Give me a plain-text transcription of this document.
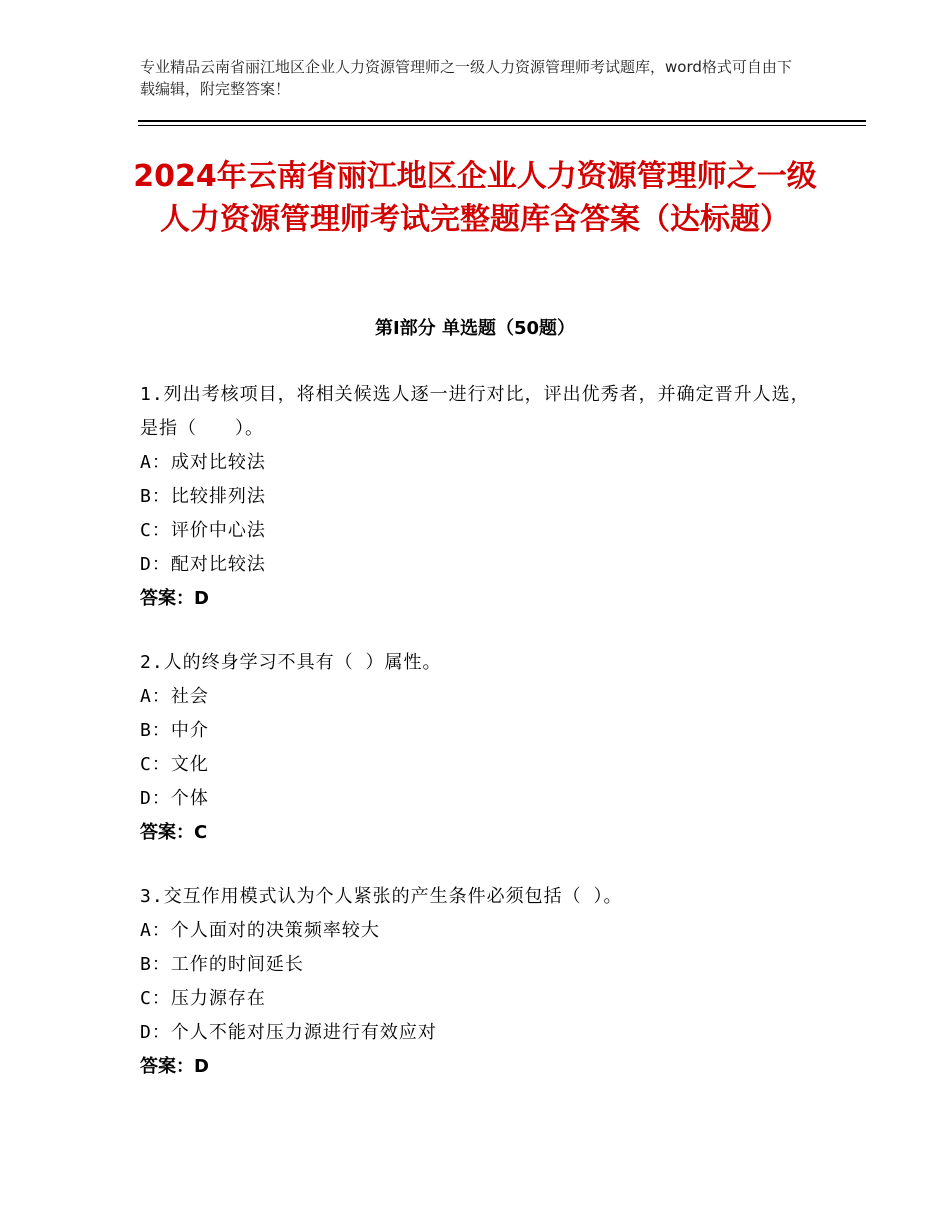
专业精品云南省丽江地区企业人力资源管理师之一级人力资源管理师考试题库，word格式可自由下载编辑，附完整答案！
2024年云南省丽江地区企业人力资源管理师之一级人力资源管理师考试完整题库含答案（达标题）
第Ⅰ部分 单选题（50题）
1.列出考核项目，将相关候选人逐一进行对比，评出优秀者，并确定晋升人选，是指（　　）。
A：成对比较法
B：比较排列法
C：评价中心法
D：配对比较法
答案：D
2.人的终身学习不具有（ ）属性。
A：社会
B：中介
C：文化
D：个体
答案：C
3.交互作用模式认为个人紧张的产生条件必须包括（ ）。
A：个人面对的决策频率较大
B：工作的时间延长
C：压力源存在
D：个人不能对压力源进行有效应对
答案：D
